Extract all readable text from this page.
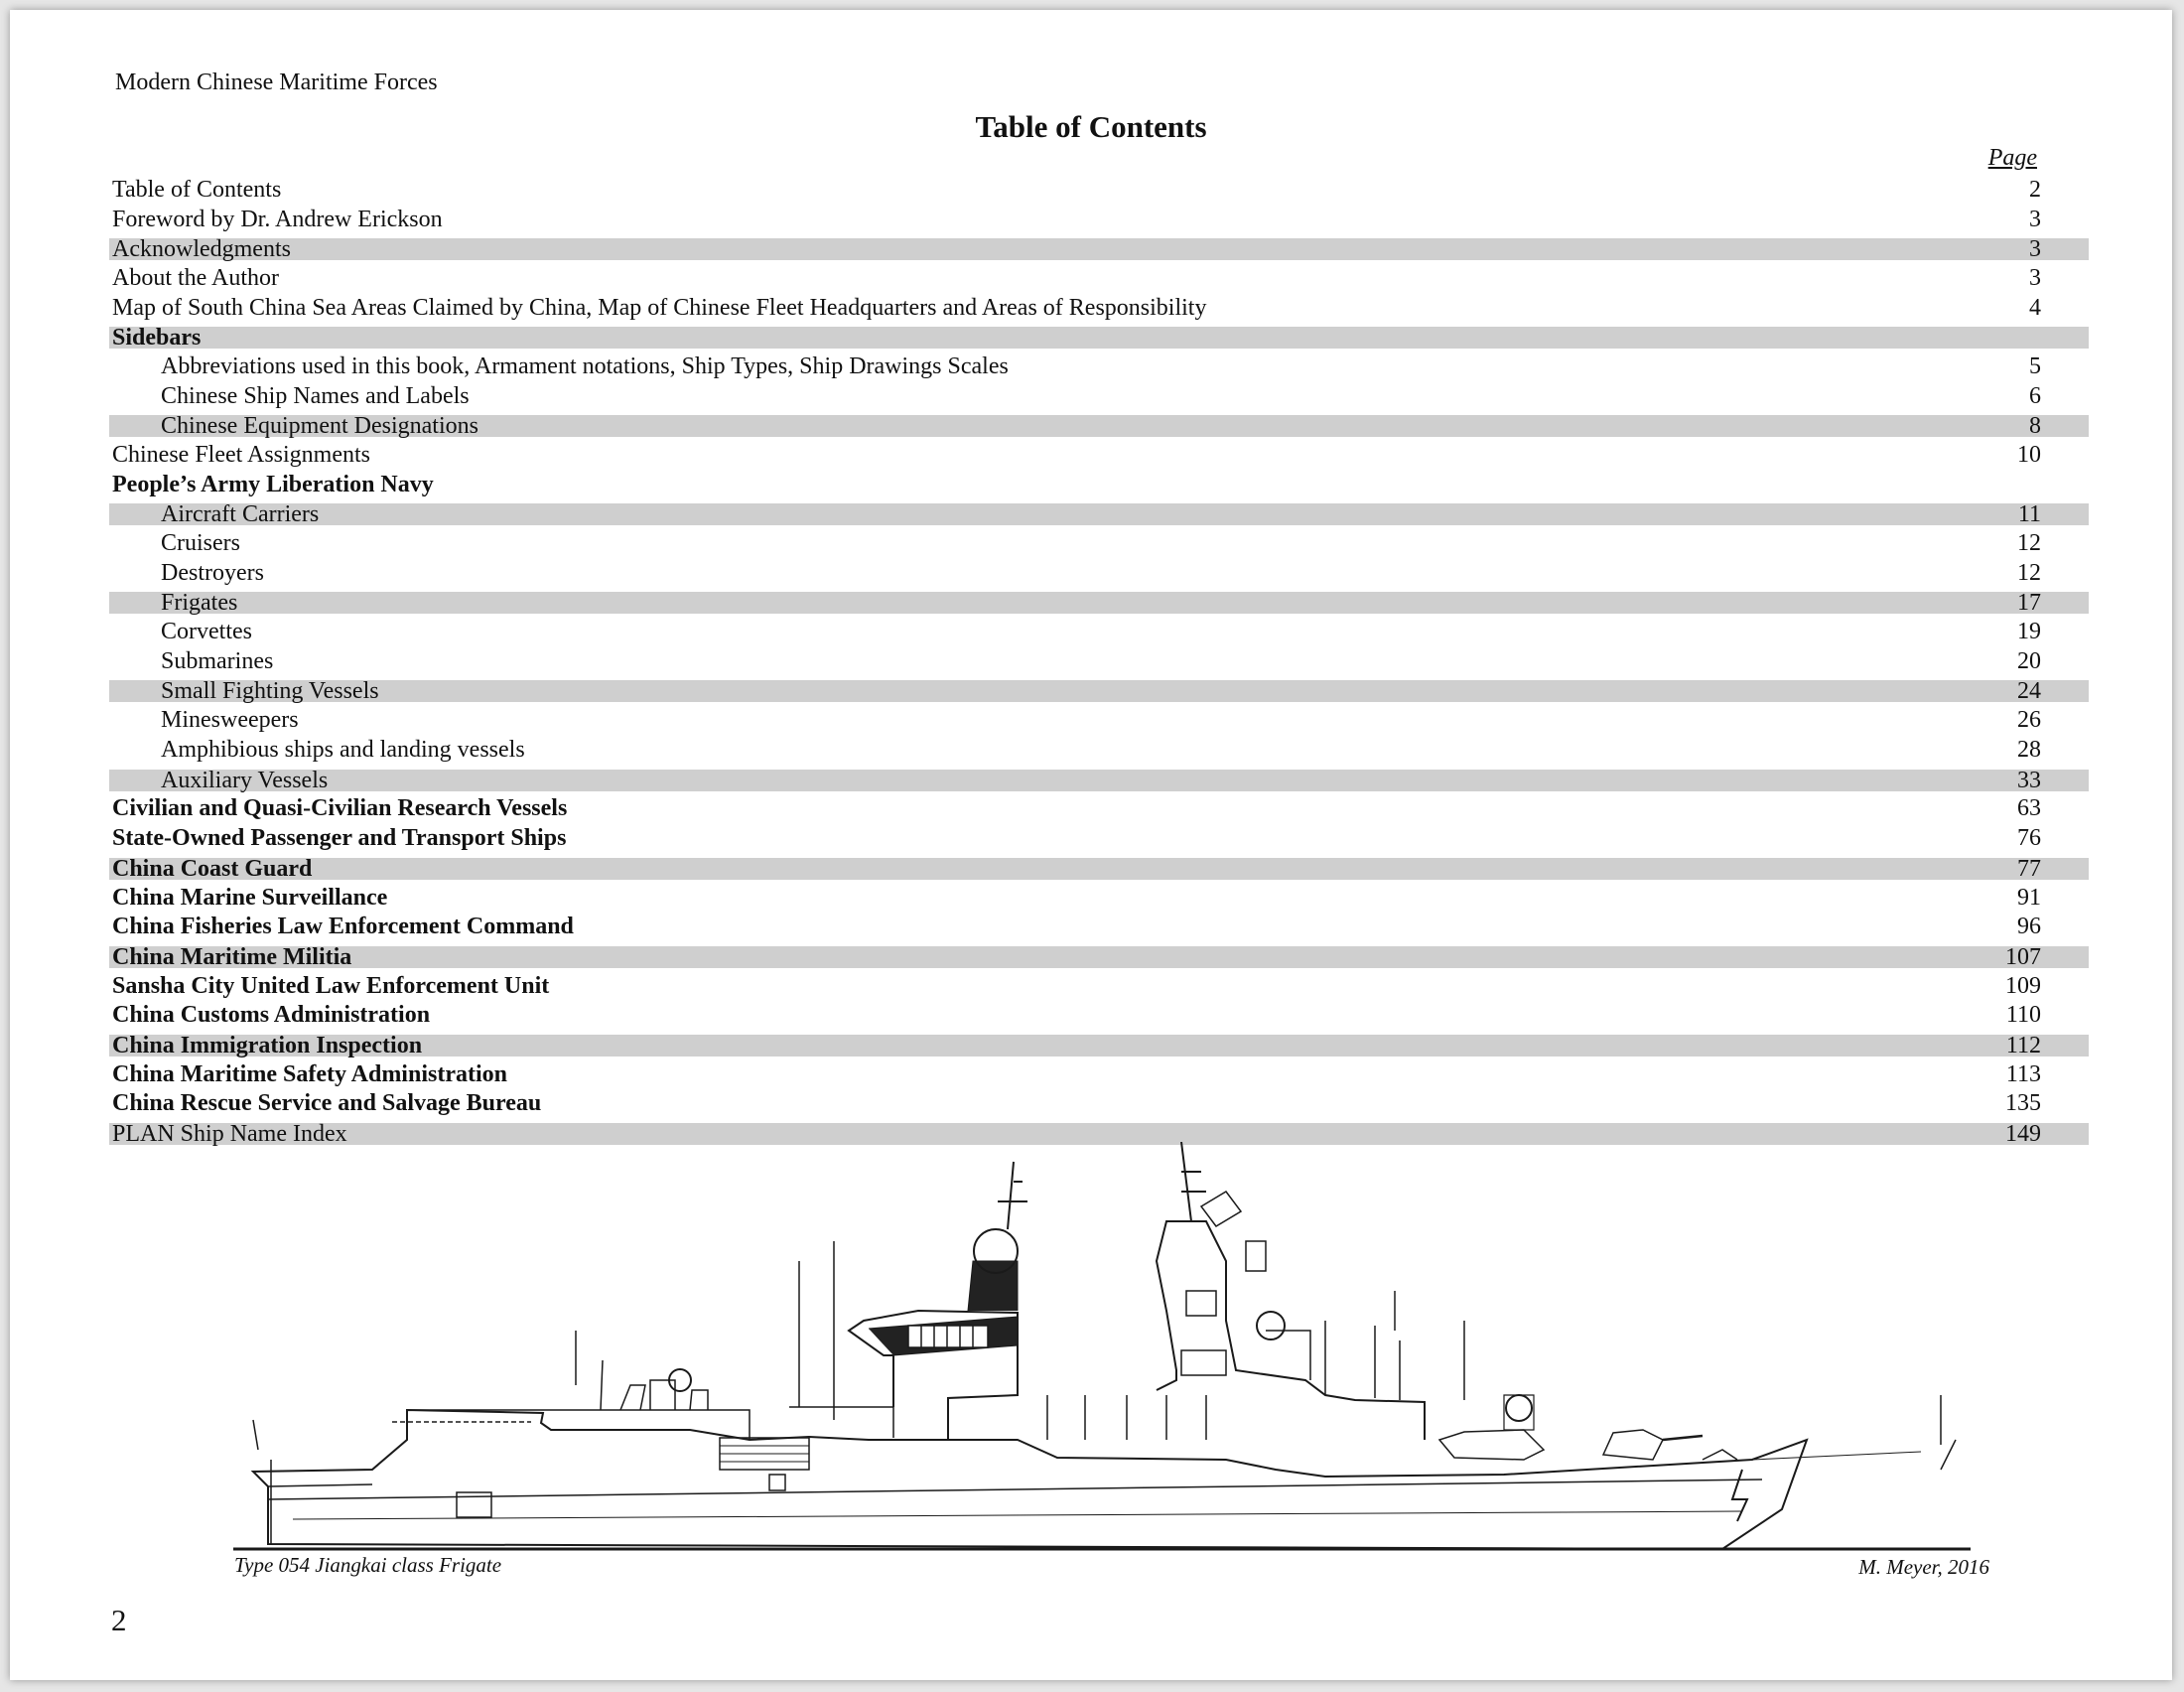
Modern Chinese Maritime Forces
Table of Contents
Page
Table of Contents	2
Foreword by Dr. Andrew Erickson	3
Acknowledgments	3
About the Author	3
Map of South China Sea Areas Claimed by China, Map of Chinese Fleet Headquarters and Areas of Responsibility	4
Sidebars
Abbreviations used in this book, Armament notations, Ship Types, Ship Drawings Scales	5
Chinese Ship Names and Labels	6
Chinese Equipment Designations	8
Chinese Fleet Assignments	10
People’s Army Liberation Navy
Aircraft Carriers	11
Cruisers	12
Destroyers	12
Frigates	17
Corvettes	19
Submarines	20
Small Fighting Vessels	24
Minesweepers	26
Amphibious ships and landing vessels	28
Auxiliary Vessels	33
Civilian and Quasi-Civilian Research Vessels	63
State-Owned Passenger and Transport Ships	76
China Coast Guard	77
China Marine Surveillance	91
China Fisheries Law Enforcement Command	96
China Maritime Militia	107
Sansha City United Law Enforcement Unit	109
China Customs Administration	110
China Immigration Inspection	112
China Maritime Safety Administration	113
China Rescue Service and Salvage Bureau	135
PLAN Ship Name Index	149
Type 054 Jiangkai class Frigate	M. Meyer, 2016
2
